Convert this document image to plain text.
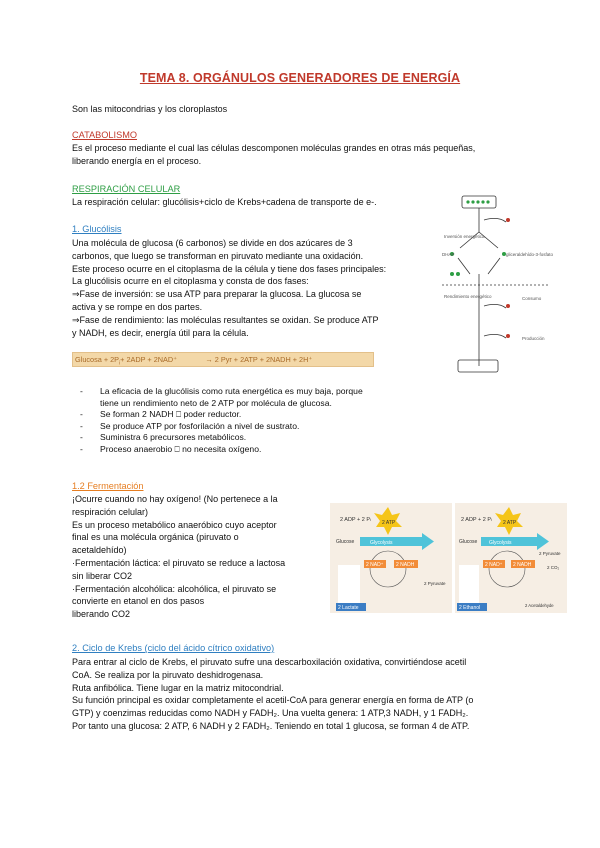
TEMA 8. ORGÁNULOS GENERADORES DE ENERGÍA

Son las mitocondrias y los cloroplastos

CATABOLISMO

Es el proceso mediante el cual las células descomponen moléculas grandes en otras más pequeñas,

liberando energía en el proceso.

RESPIRACIÓN CELULAR

La respiración celular: glucólisis+ciclo de Krebs+cadena de transporte de e-.

1. Glucólisis

Una molécula de glucosa (6 carbonos) se divide en dos azúcares de 3

carbonos, que luego se transforman en piruvato mediante una oxidación.

Este proceso ocurre en el citoplasma de la célula y tiene dos fases principales:

La glucólisis ocurre en el citoplasma y consta de dos fases:

⇒Fase de inversión: se usa ATP para preparar la glucosa. La glucosa se

activa y se rompe en dos partes.

⇒Fase de rendimiento: las moléculas resultantes se oxidan. Se produce ATP

y NADH, es decir, energía útil para la célula.

Inversión energética
Rendimiento energético
DHAP	gliceraldehído-3-fosfato
Consumo
Producción
$Glucosa + 2P_i+ 2ADP + 2NAD^+$	→ 2 Pyr + 2ATP + 2NADH + 2H⁺
- La eficacia de la glucólisis como ruta energética es muy baja, porque
tiene un rendimiento neto de 2 ATP por molécula de glucosa.
- Se forman 2 NADH ⎕ poder reductor.
- Se produce ATP por fosforilación a nivel de sustrato.
- Suministra 6 precursores metabólicos.
- Proceso anaerobio ⎕ no necesita oxígeno.
1.2 Fermentación

¡Ocurre cuando no hay oxígeno! (No pertenece a la

respiración celular)

Es un proceso metabólico anaeróbico cuyo aceptor

final es una molécula orgánica (piruvato o

acetaldehído)

·Fermentación láctica: el piruvato se reduce a lactosa

sin liberar CO2

·Fermentación alcohólica: alcohólica, el piruvato se

convierte en etanol en dos pasos

liberando CO2

2 ADP + 2 Pi
2 ATP
Glucose	Glycolysis
2 NAD⁺	2 NADH
2 Lactate
2 Pyruvate
2 ADP + 2 Pi
2 ATP
Glucose Glycolysis
2 NAD⁺ 2 NADH
2 Ethanol
2 Pyruvate
2 CO₂
2 Acetaldehyde
2. Ciclo de Krebs (ciclo del ácido cítrico oxidativo)

Para entrar al ciclo de Krebs, el piruvato sufre una descarboxilación oxidativa, convirtiéndose acetil

CoA. Se realiza por la piruvato deshidrogenasa.

Ruta anfibólica. Tiene lugar en la matriz mitocondrial.

Su función principal es oxidar completamente el acetil-CoA para generar energía en forma de ATP (o

GTP) y coenzimas reducidas como NADH y FADH₂. Una vuelta genera: 1 ATP,3 NADH, y 1 FADH₂.

Por tanto una glucosa: 2 ATP, 6 NADH y 2 FADH₂. Teniendo en total 1 glucosa, se forman 4 de ATP.
